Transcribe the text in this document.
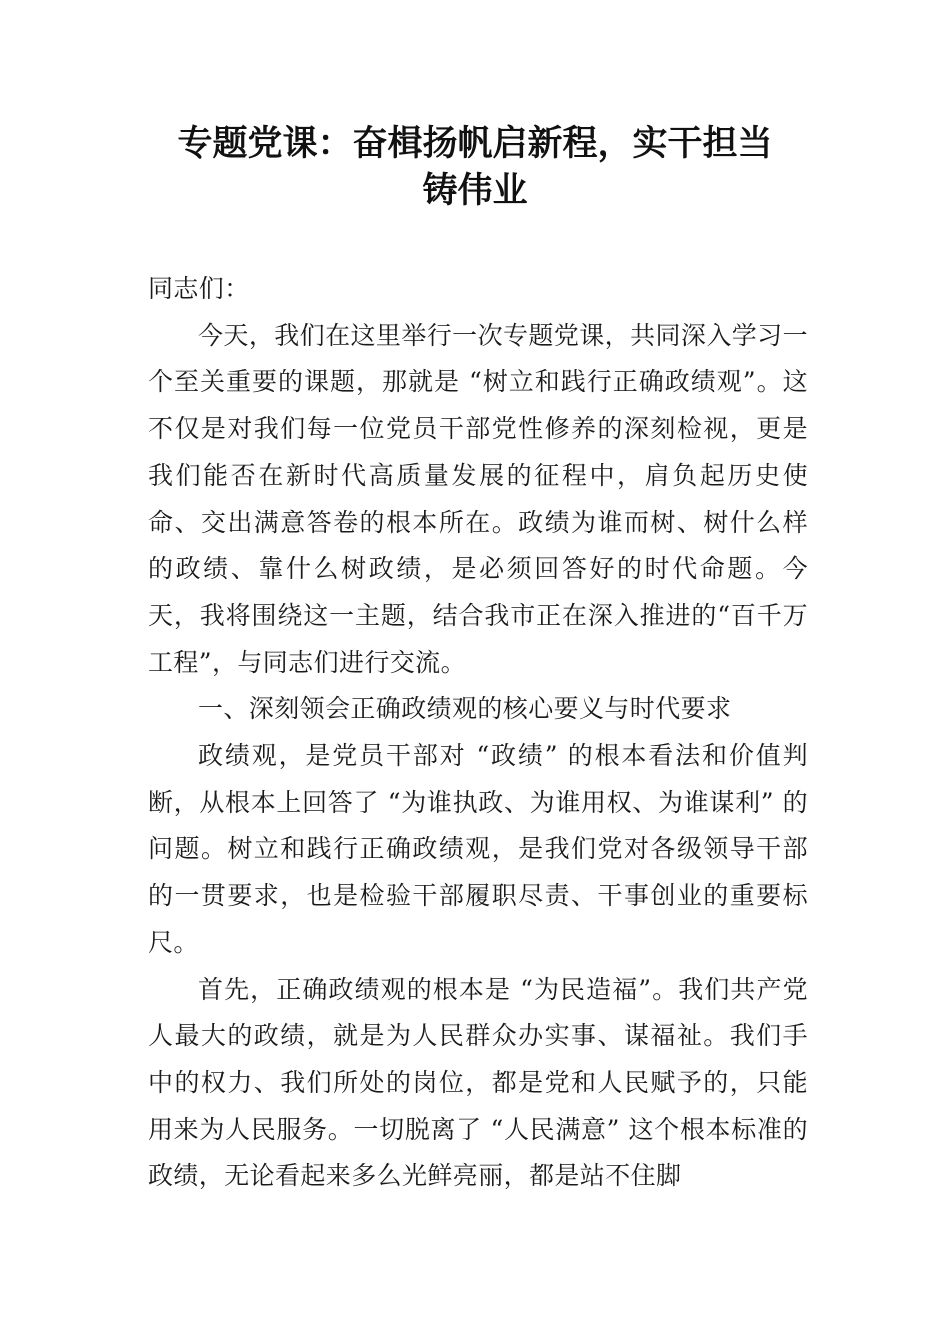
专题党课：奋楫扬帆启新程，实干担当
铸伟业

同志们：

今天，我们在这里举行一次专题党课，共同深入学习一个至关重要的课题，那就是 “树立和践行正确政绩观”。这不仅是对我们每一位党员干部党性修养的深刻检视，更是我们能否在新时代高质量发展的征程中，肩负起历史使命、交出满意答卷的根本所在。政绩为谁而树、树什么样的政绩、靠什么树政绩，是必须回答好的时代命题。今天，我将围绕这一主题，结合我市正在深入推进的“百千万工程”，与同志们进行交流。

一、深刻领会正确政绩观的核心要义与时代要求

政绩观，是党员干部对 “政绩” 的根本看法和价值判断，从根本上回答了 “为谁执政、为谁用权、为谁谋利” 的问题。树立和践行正确政绩观，是我们党对各级领导干部的一贯要求，也是检验干部履职尽责、干事创业的重要标尺。

首先，正确政绩观的根本是 “为民造福”。我们共产党人最大的政绩，就是为人民群众办实事、谋福祉。我们手中的权力、我们所处的岗位，都是党和人民赋予的，只能用来为人民服务。一切脱离了 “人民满意” 这个根本标准的政绩，无论看起来多么光鲜亮丽，都是站不住脚
